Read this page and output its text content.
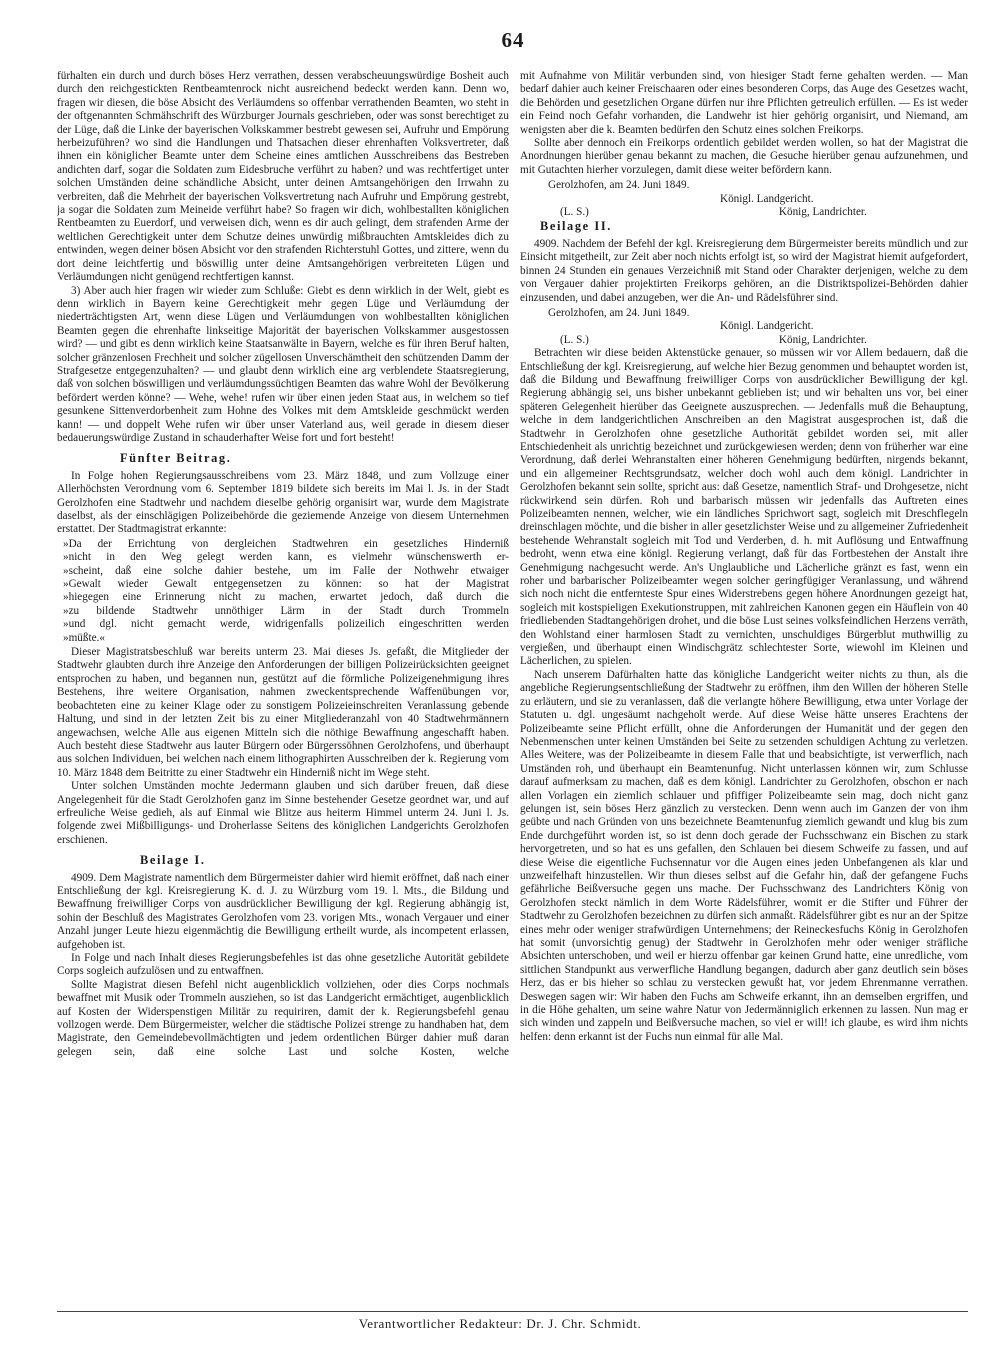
64

fürhalten ein durch und durch böses Herz verrathen, dessen verabscheuungswürdige Bosheit auch durch den reichgestickten Rentbeamtenrock nicht ausreichend bedeckt werden kann. Denn wo, fragen wir diesen, die böse Absicht des Verläumdens so offenbar verrathenden Beamten, wo steht in der oftgenannten Schmähschrift des Würzburger Journals geschrieben, oder was sonst berechtiget zu der Lüge, daß die Linke der bayerischen Volkskammer bestrebt gewesen sei, Aufruhr und Empörung herbeizuführen? wo sind die Handlungen und Thatsachen dieser ehrenhaften Volksvertreter, daß ihnen ein königlicher Beamte unter dem Scheine eines amtlichen Ausschreibens das Bestreben andichten darf, sogar die Soldaten zum Eidesbruche verführt zu haben? und was rechtfertiget unter solchen Umständen deine schändliche Absicht, unter deinen Amtsangehörigen den Irrwahn zu verbreiten, daß die Mehrheit der bayerischen Volksvertretung nach Aufruhr und Empörung gestrebt, ja sogar die Soldaten zum Meineide verführt habe? So fragen wir dich, wohlbestallten königlichen Rentbeamten zu Euerdorf, und verweisen dich, wenn es dir auch gelingt, dem strafenden Arme der weltlichen Gerechtigkeit unter dem Schutze deines unwürdig mißbrauchten Amtskleides dich zu entwinden, wegen deiner bösen Absicht vor den strafenden Richterstuhl Gottes, und zittere, wenn du dort deine leichtfertig und böswillig unter deine Amtsangehörigen verbreiteten Lügen und Verläumdungen nicht genügend rechtfertigen kannst.

3) Aber auch hier fragen wir wieder zum Schluße: Giebt es denn wirklich in der Welt, giebt es denn wirklich in Bayern keine Gerechtigkeit mehr gegen Lüge und Verläumdung der niederträchtigsten Art, wenn diese Lügen und Verläumdungen von wohlbestallten königlichen Beamten gegen die ehrenhafte linkseitige Majorität der bayerischen Volkskammer ausgestossen wird? — und gibt es denn wirklich keine Staatsanwälte in Bayern, welche es für ihren Beruf halten, solcher gränzenlosen Frechheit und solcher zügellosen Unverschämtheit den schützenden Damm der Strafgesetze entgegenzuhalten? — und glaubt denn wirklich eine arg verblendete Staatsregierung, daß von solchen böswilligen und verläumdungssüchtigen Beamten das wahre Wohl der Bevölkerung befördert werden könne? — Wehe, wehe! rufen wir über einen jeden Staat aus, in welchem so tief gesunkene Sittenverdorbenheit zum Hohne des Volkes mit dem Amtskleide geschmückt werden kann! — und doppelt Wehe rufen wir über unser Vaterland aus, weil gerade in diesem dieser bedauerungswürdige Zustand in schauderhafter Weise fort und fort besteht!

Fünfter Beitrag.

In Folge hohen Regierungsausschreibens vom 23. März 1848, und zum Vollzuge einer Allerhöchsten Verordnung vom 6. September 1819 bildete sich bereits im Mai l. Js. in der Stadt Gerolzhofen eine Stadtwehr und nachdem dieselbe gehörig organisirt war, wurde dem Magistrate daselbst, als der einschlägigen Polizeibehörde die geziemende Anzeige von diesem Unternehmen erstattet. Der Stadtmagistrat erkannte:

»Da der Errichtung von dergleichen Stadtwehren ein gesetzliches Hinderniß
»nicht in den Weg gelegt werden kann, es vielmehr wünschenswerth er-
»scheint, daß eine solche dahier bestehe, um im Falle der Nothwehr etwaiger
»Gewalt wieder Gewalt entgegensetzen zu können: so hat der Magistrat
»hiegegen eine Erinnerung nicht zu machen, erwartet jedoch, daß durch die
»zu bildende Stadtwehr unnöthiger Lärm in der Stadt durch Trommeln
»und dgl. nicht gemacht werde, widrigenfalls polizeilich eingeschritten werden
»müßte.«

Dieser Magistratsbeschluß war bereits unterm 23. Mai dieses Js. gefaßt, die Mitglieder der Stadtwehr glaubten durch ihre Anzeige den Anforderungen der billigen Polizeirücksichten geeignet entsprochen zu haben, und begannen nun, gestützt auf die förmliche Polizeigenehmigung ihres Bestehens, ihre weitere Organisation, nahmen zweckentsprechende Waffenübungen vor, beobachteten eine zu keiner Klage oder zu sonstigem Polizeieinschreiten Veranlassung gebende Haltung, und sind in der letzten Zeit bis zu einer Mitgliederanzahl von 40 Stadtwehrmännern angewachsen, welche Alle aus eigenen Mitteln sich die nöthige Bewaffnung angeschafft haben. Auch besteht diese Stadtwehr aus lauter Bürgern oder Bürgerssöhnen Gerolzhofens, und überhaupt aus solchen Individuen, bei welchen nach einem lithographirten Ausschreiben der k. Regierung vom 10. März 1848 dem Beitritte zu einer Stadtwehr ein Hinderniß nicht im Wege steht.

Unter solchen Umständen mochte Jedermann glauben und sich darüber freuen, daß diese Angelegenheit für die Stadt Gerolzhofen ganz im Sinne bestehender Gesetze geordnet war, und auf erfreuliche Weise gedieh, als auf Einmal wie Blitze aus heiterm Himmel unterm 24. Juni l. Js. folgende zwei Mißbilligungs- und Droherlasse Seitens des königlichen Landgerichts Gerolzhofen erschienen.

Beilage I.

4909. Dem Magistrate namentlich dem Bürgermeister dahier wird hiemit eröffnet, daß nach einer Entschließung der kgl. Kreisregierung K. d. J. zu Würzburg vom 19. l. Mts., die Bildung und Bewaffnung freiwilliger Corps von ausdrücklicher Bewilligung der kgl. Regierung abhängig ist, sohin der Beschluß des Magistrates Gerolzhofen vom 23. vorigen Mts., wonach Vergauer und einer Anzahl junger Leute hiezu eigenmächtig die Bewilligung ertheilt wurde, als incompetent erlassen, aufgehoben ist.

In Folge und nach Inhalt dieses Regierungsbefehles ist das ohne gesetzliche Autorität gebildete Corps sogleich aufzulösen und zu entwaffnen.

Sollte Magistrat diesen Befehl nicht augenblicklich vollziehen, oder dies Corps nochmals bewaffnet mit Musik oder Trommeln ausziehen, so ist das Landgericht ermächtiget, augenblicklich auf Kosten der Widerspenstigen Militär zu requiriren, damit der k. Regierungsbefehl genau vollzogen werde. Dem Bürgermeister, welcher die städtische Polizei strenge zu handhaben hat, dem Magistrate, den Gemeindebevollmächtigten und jedem ordentlichen Bürger dahier muß daran gelegen sein, daß eine solche Last und solche Kosten, welche

mit Aufnahme von Militär verbunden sind, von hiesiger Stadt ferne gehalten werden. — Man bedarf dahier auch keiner Freischaaren oder eines besonderen Corps, das Auge des Gesetzes wacht, die Behörden und gesetzlichen Organe dürfen nur ihre Pflichten getreulich erfüllen. — Es ist weder ein Feind noch Gefahr vorhanden, die Landwehr ist hier gehörig organisirt, und Niemand, am wenigsten aber die k. Beamten bedürfen den Schutz eines solchen Freikorps.

Sollte aber dennoch ein Freikorps ordentlich gebildet werden wollen, so hat der Magistrat die Anordnungen hierüber genau bekannt zu machen, die Gesuche hierüber genau aufzunehmen, und mit Gutachten hierher vorzulegen, damit diese weiter befördern kann.

Gerolzhofen, am 24. Juni 1849.
Königl. Landgericht.
(L. S.)	König, Landrichter.
Beilage II.

4909. Nachdem der Befehl der kgl. Kreisregierung dem Bürgermeister bereits mündlich und zur Einsicht mitgetheilt, zur Zeit aber noch nichts erfolgt ist, so wird der Magistrat hiemit aufgefordert, binnen 24 Stunden ein genaues Verzeichniß mit Stand oder Charakter derjenigen, welche zu dem von Vergauer dahier projektirten Freikorps gehören, an die Distriktspolizei-Behörden dahier einzusenden, und dabei anzugeben, wer die An- und Rädelsführer sind.

Gerolzhofen, am 24. Juni 1849.
Königl. Landgericht.
(L. S.)	König, Landrichter.

Betrachten wir diese beiden Aktenstücke genauer, so müssen wir vor Allem bedauern, daß die Entschließung der kgl. Kreisregierung, auf welche hier Bezug genommen und behauptet worden ist, daß die Bildung und Bewaffnung freiwilliger Corps von ausdrücklicher Bewilligung der kgl. Regierung abhängig sei, uns bisher unbekannt geblieben ist; und wir behalten uns vor, bei einer späteren Gelegenheit hierüber das Geeignete auszusprechen. — Jedenfalls muß die Behauptung, welche in dem landgerichtlichen Anschreiben an den Magistrat ausgesprochen ist, daß die Stadtwehr in Gerolzhofen ohne gesetzliche Authorität gebildet worden sei, mit aller Entschiedenheit als unrichtig bezeichnet und zurückgewiesen werden; denn von früherher war eine Verordnung, daß derlei Wehranstalten einer höheren Genehmigung bedürften, nirgends bekannt, und ein allgemeiner Rechtsgrundsatz, welcher doch wohl auch dem königl. Landrichter in Gerolzhofen bekannt sein sollte, spricht aus: daß Gesetze, namentlich Straf- und Drohgesetze, nicht rückwirkend sein dürfen. Roh und barbarisch müssen wir jedenfalls das Auftreten eines Polizeibeamten nennen, welcher, wie ein ländliches Sprichwort sagt, sogleich mit Dreschflegeln dreinschlagen möchte, und die bisher in aller gesetzlichster Weise und zu allgemeiner Zufriedenheit bestehende Wehranstalt sogleich mit Tod und Verderben, d. h. mit Auflösung und Entwaffnung bedroht, wenn etwa eine königl. Regierung verlangt, daß für das Fortbestehen der Anstalt ihre Genehmigung nachgesucht werde. An's Unglaubliche und Lächerliche gränzt es fast, wenn ein roher und barbarischer Polizeibeamter wegen solcher geringfügiger Veranlassung, und während sich noch nicht die entfernteste Spur eines Widerstrebens gegen höhere Anordnungen gezeigt hat, sogleich mit kostspieligen Exekutionstruppen, mit zahlreichen Kanonen gegen ein Häuflein von 40 friedliebenden Stadtangehörigen drohet, und die böse Lust seines volksfeindlichen Herzens verräth, den Wohlstand einer harmlosen Stadt zu vernichten, unschuldiges Bürgerblut muthwillig zu vergießen, und überhaupt einen Windischgrätz schlechtester Sorte, wiewohl im Kleinen und Lächerlichen, zu spielen.

Nach unserem Dafürhalten hatte das königliche Landgericht weiter nichts zu thun, als die angebliche Regierungsentschließung der Stadtwehr zu eröffnen, ihm den Willen der höheren Stelle zu erläutern, und sie zu veranlassen, daß die verlangte höhere Bewilligung, etwa unter Vorlage der Statuten u. dgl. ungesäumt nachgeholt werde. Auf diese Weise hätte unseres Erachtens der Polizeibeamte seine Pflicht erfüllt, ohne die Anforderungen der Humanität und der gegen den Nebenmenschen unter keinen Umständen bei Seite zu setzenden schuldigen Achtung zu verletzen. Alles Weitere, was der Polizeibeamte in diesem Falle that und beabsichtigte, ist verwerflich, nach Umständen roh, und überhaupt ein Beamtenunfug. Nicht unterlassen können wir, zum Schlusse darauf aufmerksam zu machen, daß es dem königl. Landrichter zu Gerolzhofen, obschon er nach allen Vorlagen ein ziemlich schlauer und pfiffiger Polizeibeamte sein mag, doch nicht ganz gelungen ist, sein böses Herz gänzlich zu verstecken. Denn wenn auch im Ganzen der von ihm geübte und nach Gründen von uns bezeichnete Beamtenunfug ziemlich gewandt und klug bis zum Ende durchgeführt worden ist, so ist denn doch gerade der Fuchsschwanz ein Bischen zu stark hervorgetreten, und so hat es uns gefallen, den Schlauen bei diesem Schweife zu fassen, und auf diese Weise die eigentliche Fuchsennatur vor die Augen eines jeden Unbefangenen als klar und unzweifelhaft hinzustellen. Wir thun dieses selbst auf die Gefahr hin, daß der gefangene Fuchs gefährliche Beißversuche gegen uns mache. Der Fuchsschwanz des Landrichters König von Gerolzhofen steckt nämlich in dem Worte Rädelsführer, womit er die Stifter und Führer der Stadtwehr zu Gerolzhofen bezeichnen zu dürfen sich anmaßt. Rädelsführer gibt es nur an der Spitze eines mehr oder weniger strafwürdigen Unternehmens; der Reineckesfuchs König in Gerolzhofen hat somit (unvorsichtig genug) der Stadtwehr in Gerolzhofen mehr oder weniger sträfliche Absichten unterschoben, und weil er hierzu offenbar gar keinen Grund hatte, eine unredliche, vom sittlichen Standpunkt aus verwerfliche Handlung begangen, dadurch aber ganz deutlich sein böses Herz, das er bis hieher so schlau zu verstecken gewußt hat, vor jedem Ehrenmanne verrathen. Deswegen sagen wir: Wir haben den Fuchs am Schweife erkannt, ihn an demselben ergriffen, und in die Höhe gehalten, um seine wahre Natur von Jedermänniglich erkennen zu lassen. Nun mag er sich winden und zappeln und Beißversuche machen, so viel er will! ich glaube, es wird ihm nichts helfen: denn erkannt ist der Fuchs nun einmal für alle Mal.

Verantwortlicher Redakteur: Dr. J. Chr. Schmidt.
